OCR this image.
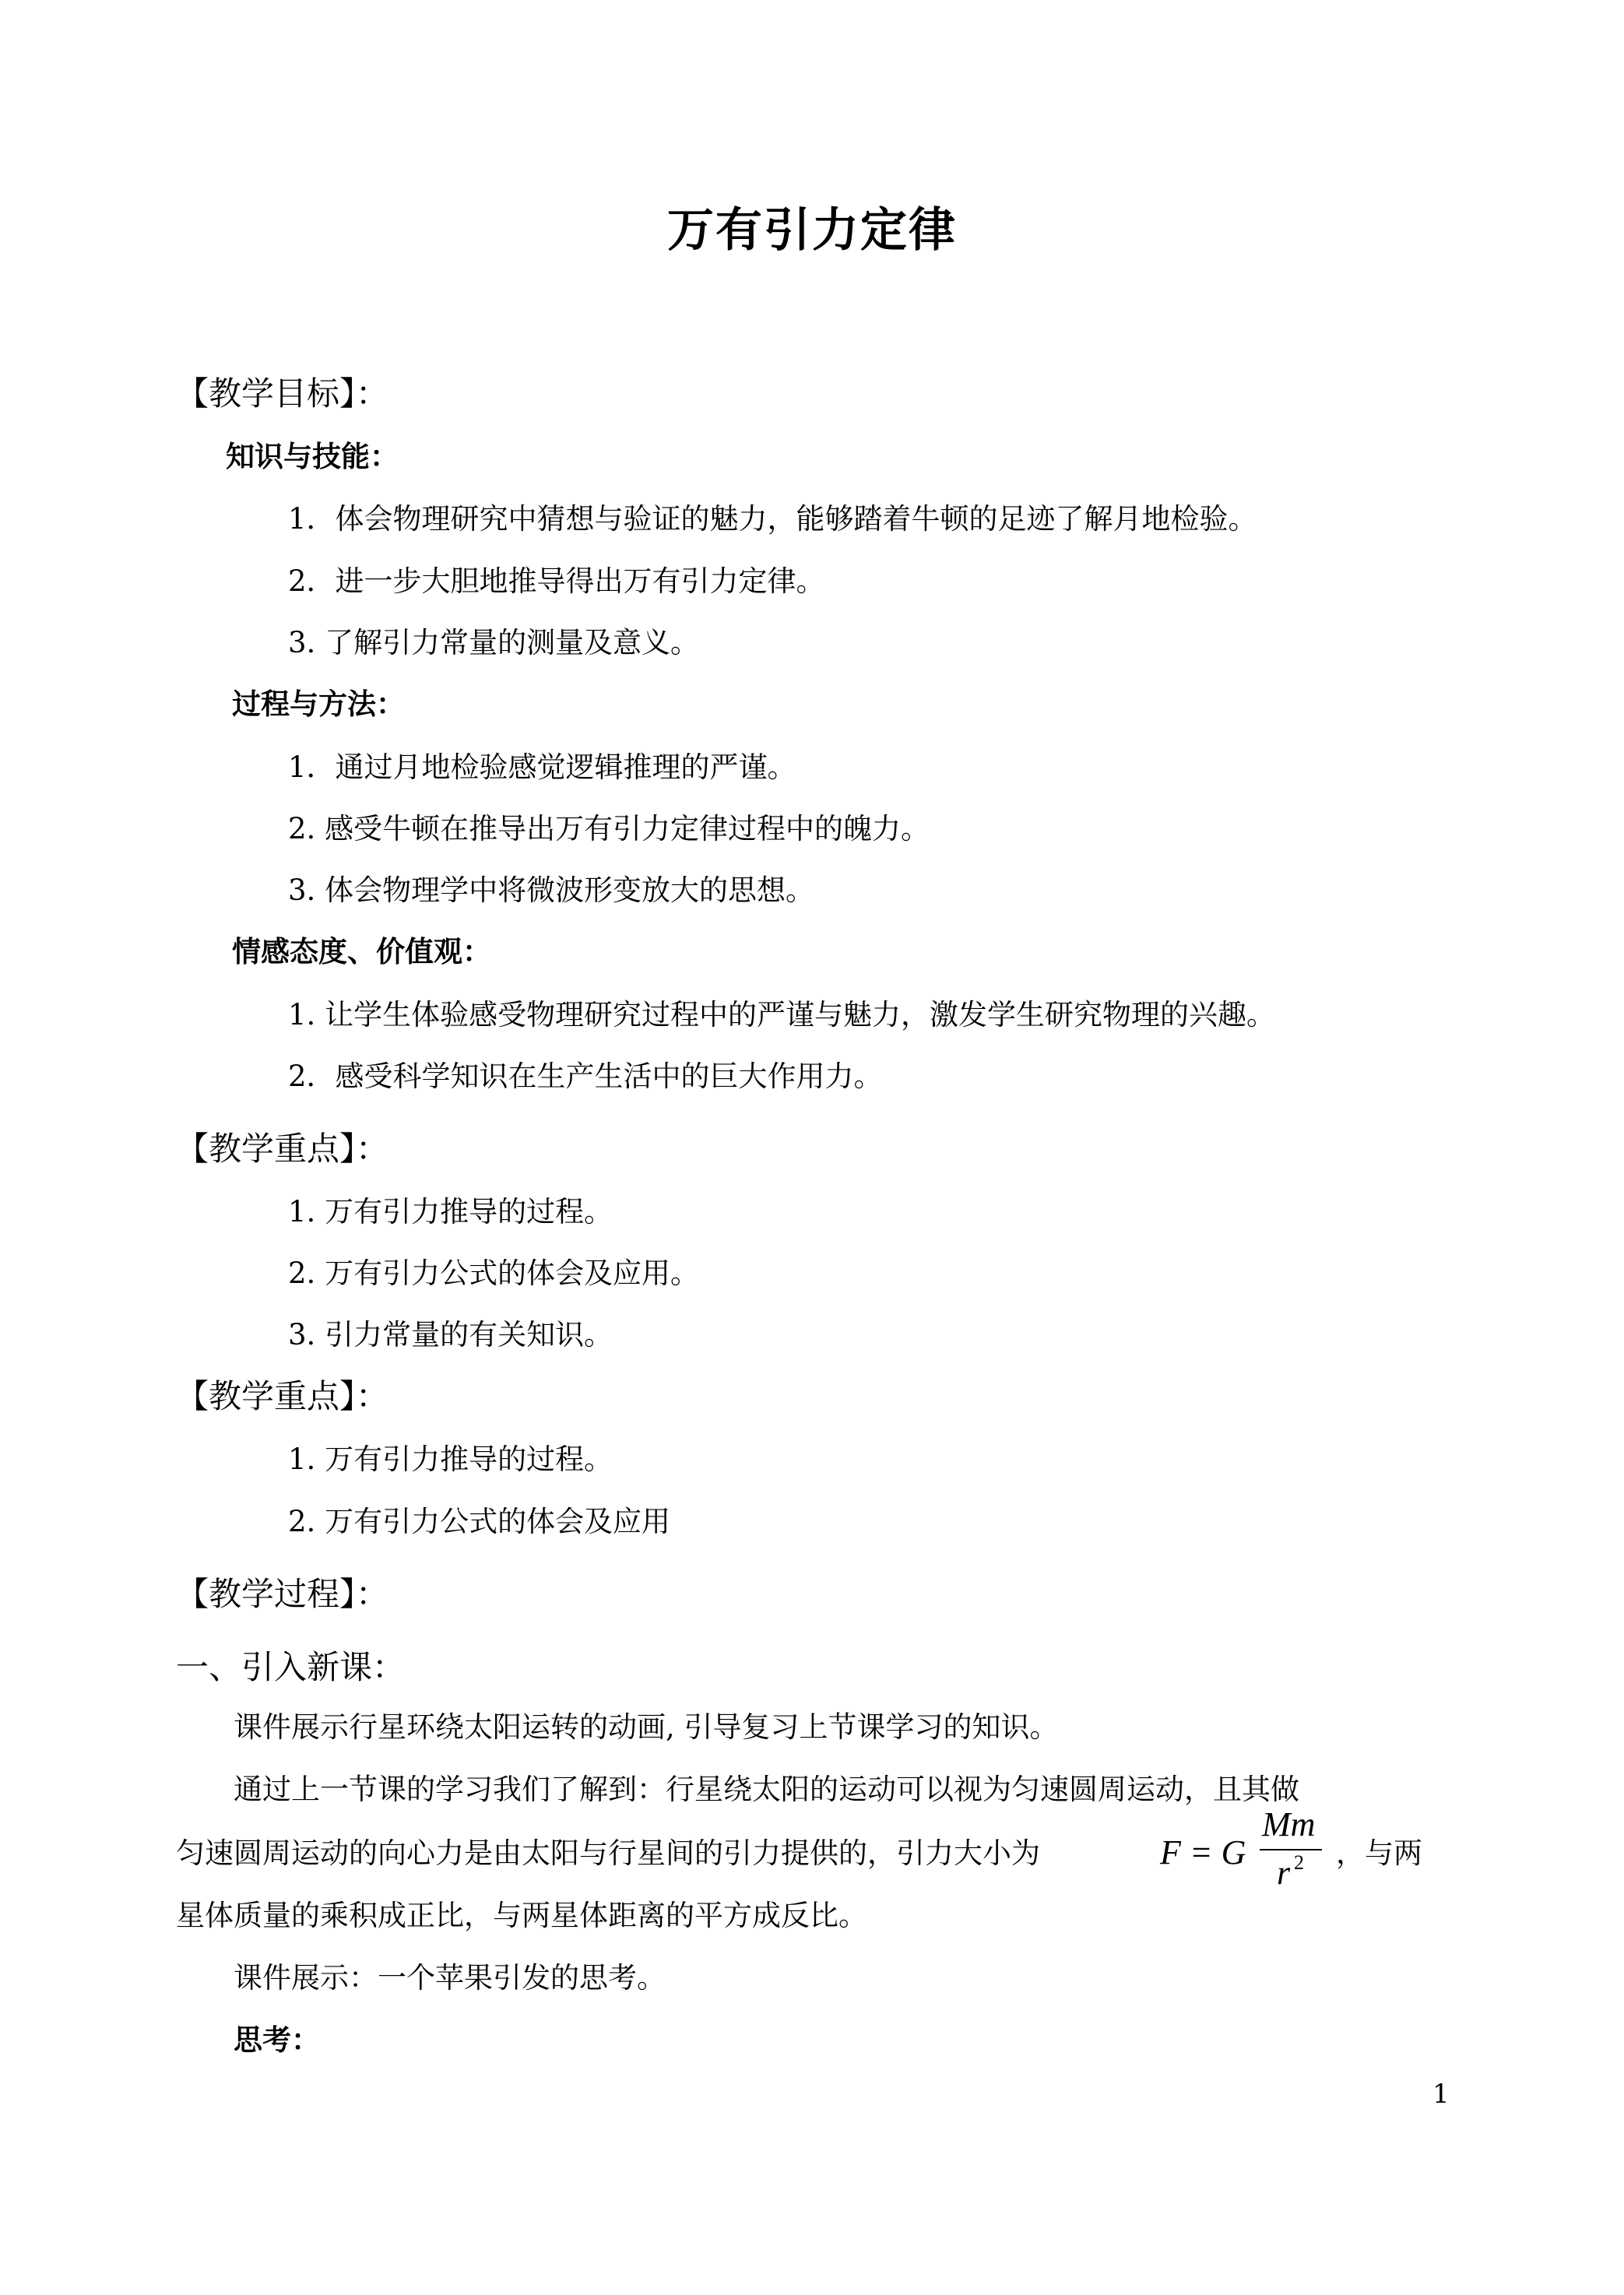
万有引力定律
【教学目标】：
知识与技能：
1．体会物理研究中猜想与验证的魅力，能够踏着牛顿的足迹了解月地检验。
2．进一步大胆地推导得出万有引力定律。
3. 了解引力常量的测量及意义。
过程与方法：
1．通过月地检验感觉逻辑推理的严谨。
2. 感受牛顿在推导出万有引力定律过程中的魄力。
3. 体会物理学中将微波形变放大的思想。
情感态度、价值观：
1. 让学生体验感受物理研究过程中的严谨与魅力，激发学生研究物理的兴趣。
2．感受科学知识在生产生活中的巨大作用力。
【教学重点】：
1. 万有引力推导的过程。
2. 万有引力公式的体会及应用。
3. 引力常量的有关知识。
【教学重点】：
1. 万有引力推导的过程。
2. 万有引力公式的体会及应用
【教学过程】：
一、引入新课：
课件展示行星环绕太阳运转的动画, 引导复习上节课学习的知识。
通过上一节课的学习我们了解到：行星绕太阳的运动可以视为匀速圆周运动，且其做
匀速圆周运动的向心力是由太阳与行星间的引力提供的，引力大小为	F = G
Mm
r 2 ，与两
星体质量的乘积成正比，与两星体距离的平方成反比。
课件展示：一个苹果引发的思考。
思考：
1
